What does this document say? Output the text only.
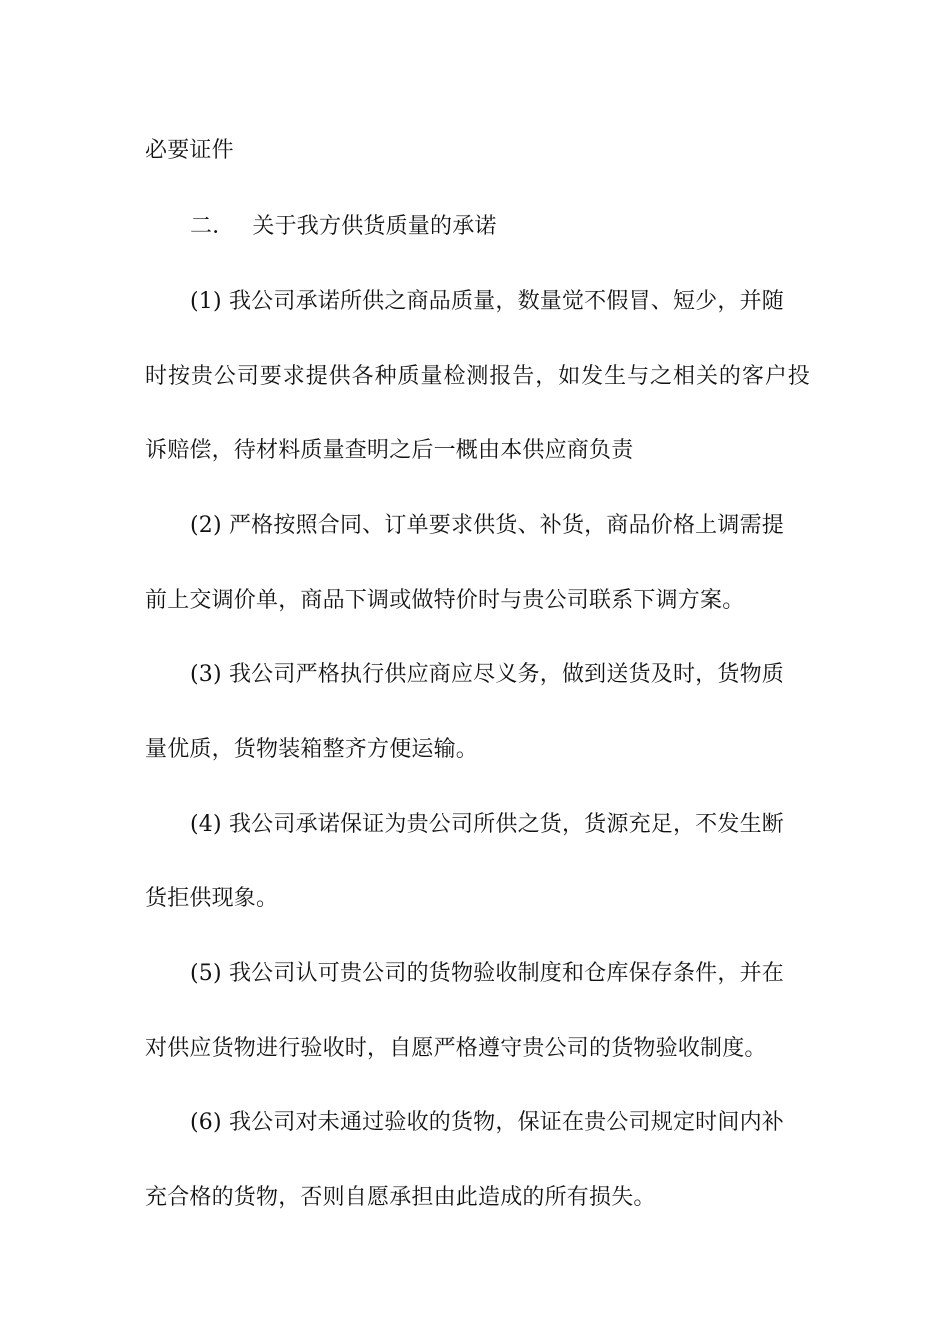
必要证件
二． 关于我方供货质量的承诺
(1) 我公司承诺所供之商品质量，数量觉不假冒、短少，并随
时按贵公司要求提供各种质量检测报告，如发生与之相关的客户投
诉赔偿，待材料质量查明之后一概由本供应商负责
(2) 严格按照合同、订单要求供货、补货，商品价格上调需提
前上交调价单，商品下调或做特价时与贵公司联系下调方案。
(3) 我公司严格执行供应商应尽义务，做到送货及时，货物质
量优质，货物装箱整齐方便运输。
(4) 我公司承诺保证为贵公司所供之货，货源充足，不发生断
货拒供现象。
(5) 我公司认可贵公司的货物验收制度和仓库保存条件，并在
对供应货物进行验收时，自愿严格遵守贵公司的货物验收制度。
(6) 我公司对未通过验收的货物，保证在贵公司规定时间内补
充合格的货物，否则自愿承担由此造成的所有损失。
